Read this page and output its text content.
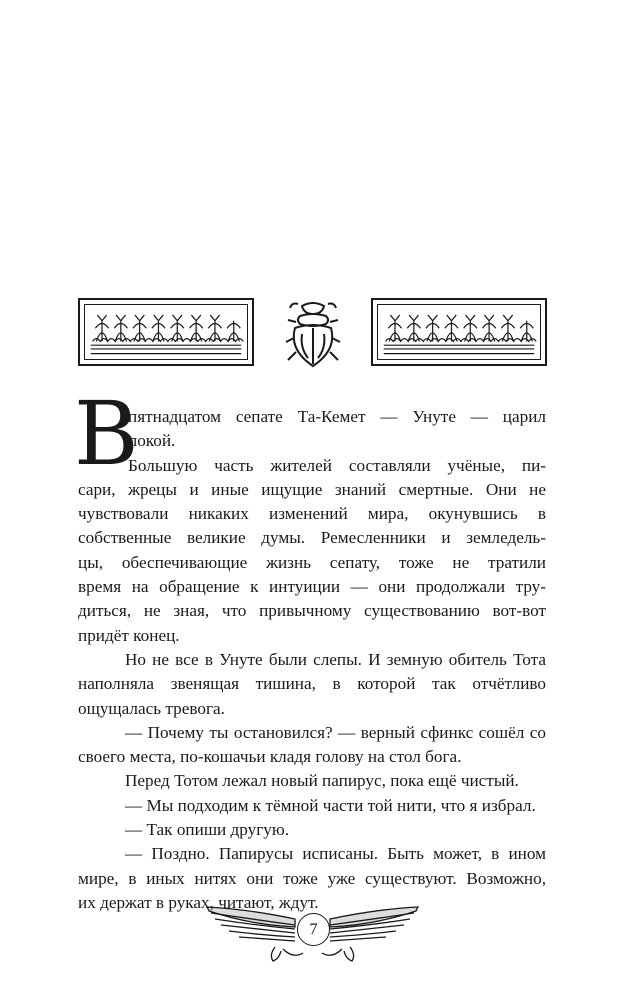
В
пятнадцатом сепате Та-Кемет — Унуте — царил
покой.
Большую часть жителей составляли учёные, пи-
сари, жрецы и иные ищущие знаний смертные. Они не
чувствовали никаких изменений мира, окунувшись в
собственные великие думы. Ремесленники и земледель-
цы, обеспечивающие жизнь сепату, тоже не тратили
время на обращение к интуиции — они продолжали тру-
диться, не зная, что привычному существованию вот-вот
придёт конец.
Но не все в Унуте были слепы. И земную обитель Тота
наполняла звенящая тишина, в которой так отчётливо
ощущалась тревога.
— Почему ты остановился? — верный сфинкс сошёл со
своего места, по-кошачьи кладя голову на стол бога.
Перед Тотом лежал новый папирус, пока ещё чистый.
— Мы подходим к тёмной части той нити, что я избрал.
— Так опиши другую.
— Поздно. Папирусы исписаны. Быть может, в ином
мире, в иных нитях они тоже уже существуют. Возможно,
их держат в руках, читают, ждут.
7
